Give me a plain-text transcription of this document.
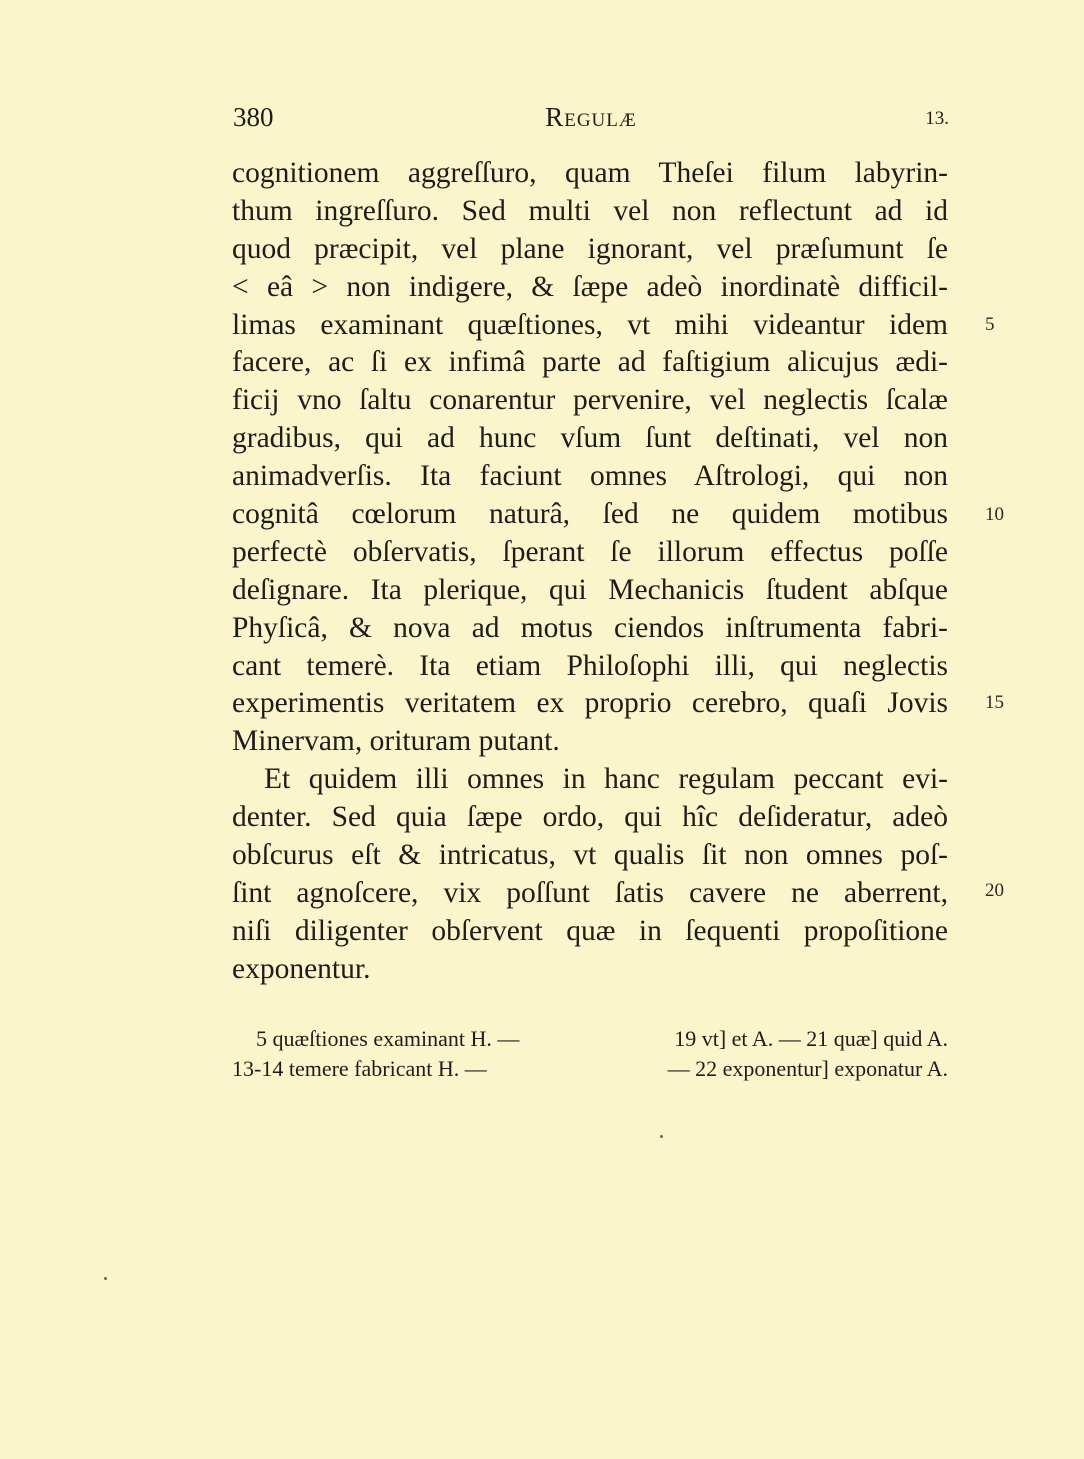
380	Regulæ	13.
cognitionem aggreſſuro, quam Theſei filum labyrin-
thum ingreſſuro. Sed multi vel non reflectunt ad id
quod præcipit, vel plane ignorant, vel præſumunt ſe
< eâ > non indigere, & ſæpe adeò inordinatè difficil-
limas examinant quæſtiones, vt mihi videantur idem
facere, ac ſi ex infimâ parte ad faſtigium alicujus ædi-
ficij vno ſaltu conarentur pervenire, vel neglectis ſcalæ
gradibus, qui ad hunc vſum ſunt deſtinati, vel non
animadverſis. Ita faciunt omnes Aſtrologi, qui non
cognitâ cœlorum naturâ, ſed ne quidem motibus
perfectè obſervatis, ſperant ſe illorum effectus poſſe
deſignare. Ita plerique, qui Mechanicis ſtudent abſque
Phyſicâ, & nova ad motus ciendos inſtrumenta fabri-
cant temerè. Ita etiam Philoſophi illi, qui neglectis
experimentis veritatem ex proprio cerebro, quaſi Jovis
Minervam, orituram putant.
Et quidem illi omnes in hanc regulam peccant evi-
denter. Sed quia ſæpe ordo, qui hîc deſideratur, adeò
obſcurus eſt & intricatus, vt qualis ſit non omnes poſ-
ſint agnoſcere, vix poſſunt ſatis cavere ne aberrent,
niſi diligenter obſervent quæ in ſequenti propoſitione
exponentur.
5
10
15
20
5 quæſtiones examinant H. —	19 vt] et A. — 21 quæ] quid A.
13-14 temere fabricant H. —	— 22 exponentur] exponatur A.
